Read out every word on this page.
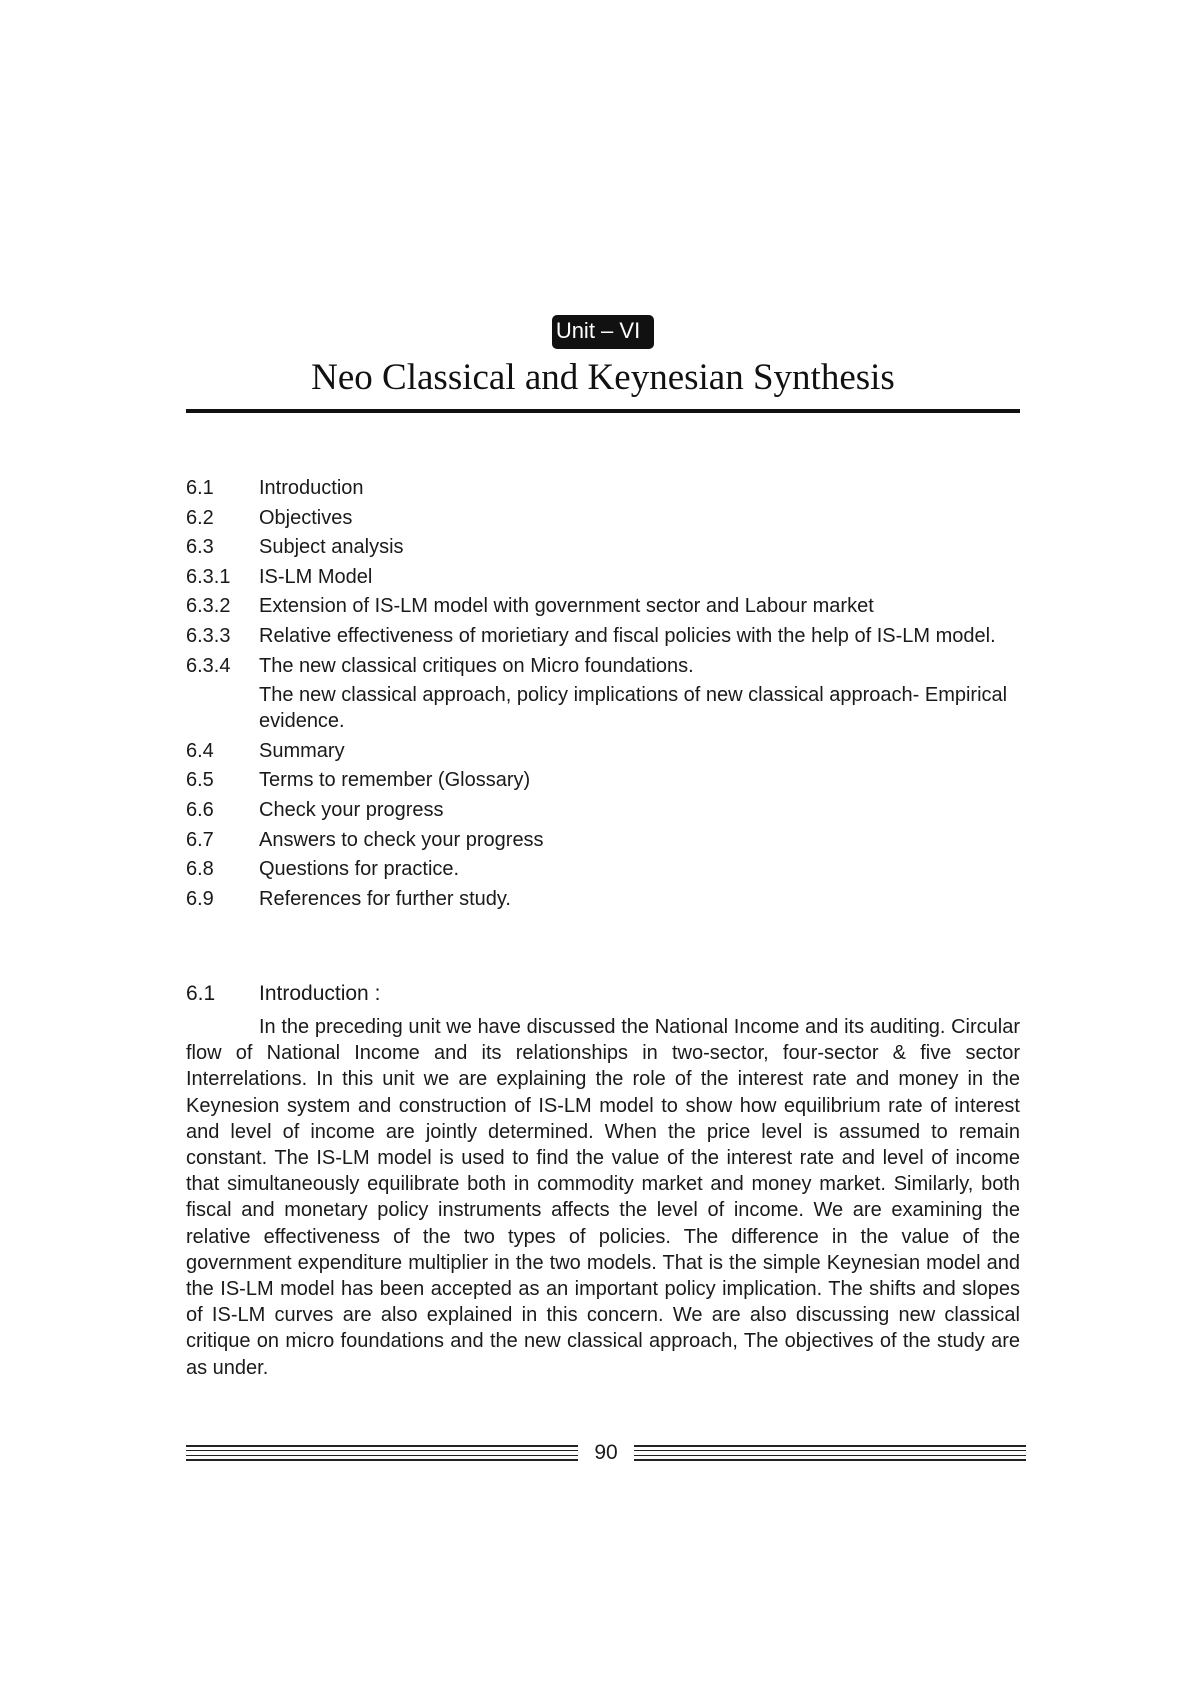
Unit – VI
Neo Classical and Keynesian Synthesis
6.1	Introduction
6.2	Objectives
6.3	Subject analysis
6.3.1	IS-LM Model
6.3.2	Extension of IS-LM model with government sector and Labour market
6.3.3	Relative effectiveness of morietiary and fiscal policies with the help of IS-LM model.
6.3.4	The new classical critiques on Micro foundations.
The new classical approach, policy implications of new classical approach- Empirical evidence.
6.4	Summary
6.5	Terms to remember (Glossary)
6.6	Check your progress
6.7	Answers to check your progress
6.8	Questions for practice.
6.9	References for further study.
6.1	Introduction :

In the preceding unit we have discussed the National Income and its auditing. Circular flow of National Income and its relationships in two-sector, four-sector & five sector Interrelations. In this unit we are explaining the role of the interest rate and money in the Keynesion system and construction of IS-LM model to show how equilibrium rate of interest and level of income are jointly determined. When the price level is assumed to remain constant. The IS-LM model is used to find the value of the interest rate and level of income that simultaneously equilibrate both in commodity market and money market. Similarly, both fiscal and monetary policy instruments affects the level of income. We are examining the relative effectiveness of the two types of policies. The difference in the value of the government expenditure multiplier in the two models. That is the simple Keynesian model and the IS-LM model has been accepted as an important policy implication. The shifts and slopes of IS-LM curves are also explained in this concern. We are also discussing new classical critique on micro foundations and the new classical approach, The objectives of the study are as under.

90
